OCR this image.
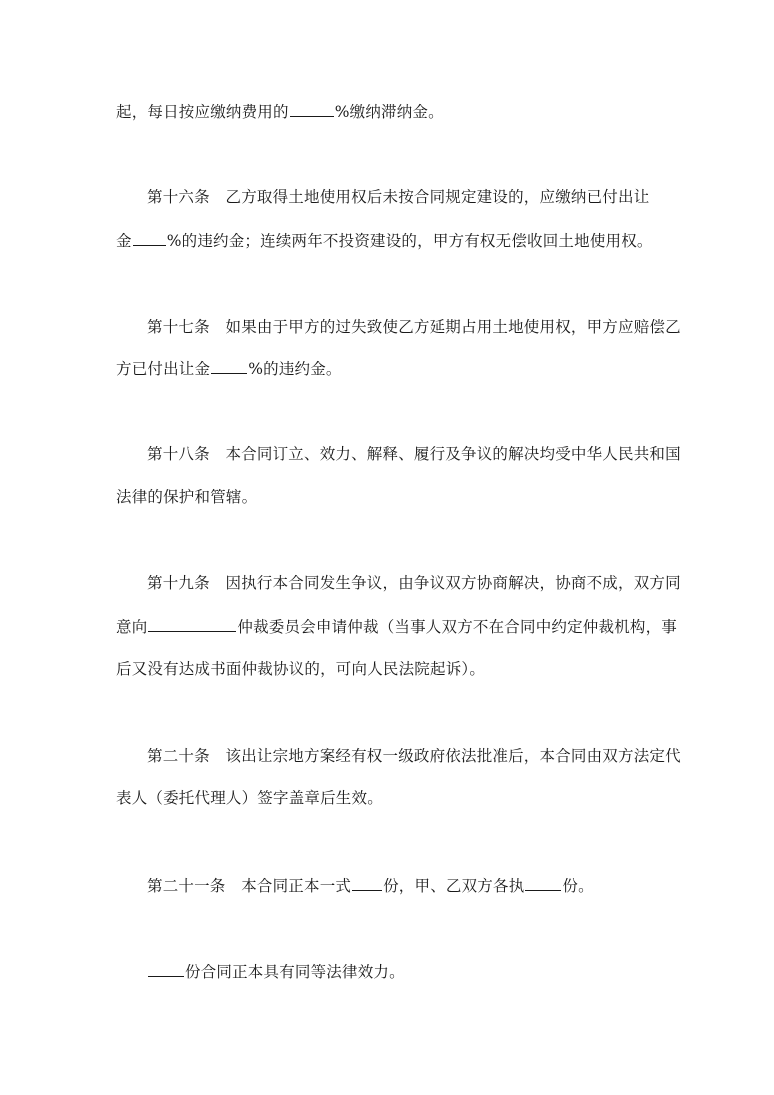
起，每日按应缴纳费用的	%缴纳滞纳金。
第十六条　乙方取得土地使用权后未按合同规定建设的，应缴纳已付出让
金 %的违约金；连续两年不投资建设的，甲方有权无偿收回土地使用权。
第十七条　如果由于甲方的过失致使乙方延期占用土地使用权，甲方应赔偿乙
方已付出让金 %的违约金。
第十八条　本合同订立、效力、解释、履行及争议的解决均受中华人民共和国
法律的保护和管辖。
第十九条　因执行本合同发生争议，由争议双方协商解决，协商不成，双方同
意向	仲裁委员会申请仲裁（当事人双方不在合同中约定仲裁机构，事
后又没有达成书面仲裁协议的，可向人民法院起诉）。
第二十条　该出让宗地方案经有权一级政府依法批准后，本合同由双方法定代
表人（委托代理人）签字盖章后生效。
第二十一条　本合同正本一式 份，甲、乙双方各执 份。
份合同正本具有同等法律效力。
